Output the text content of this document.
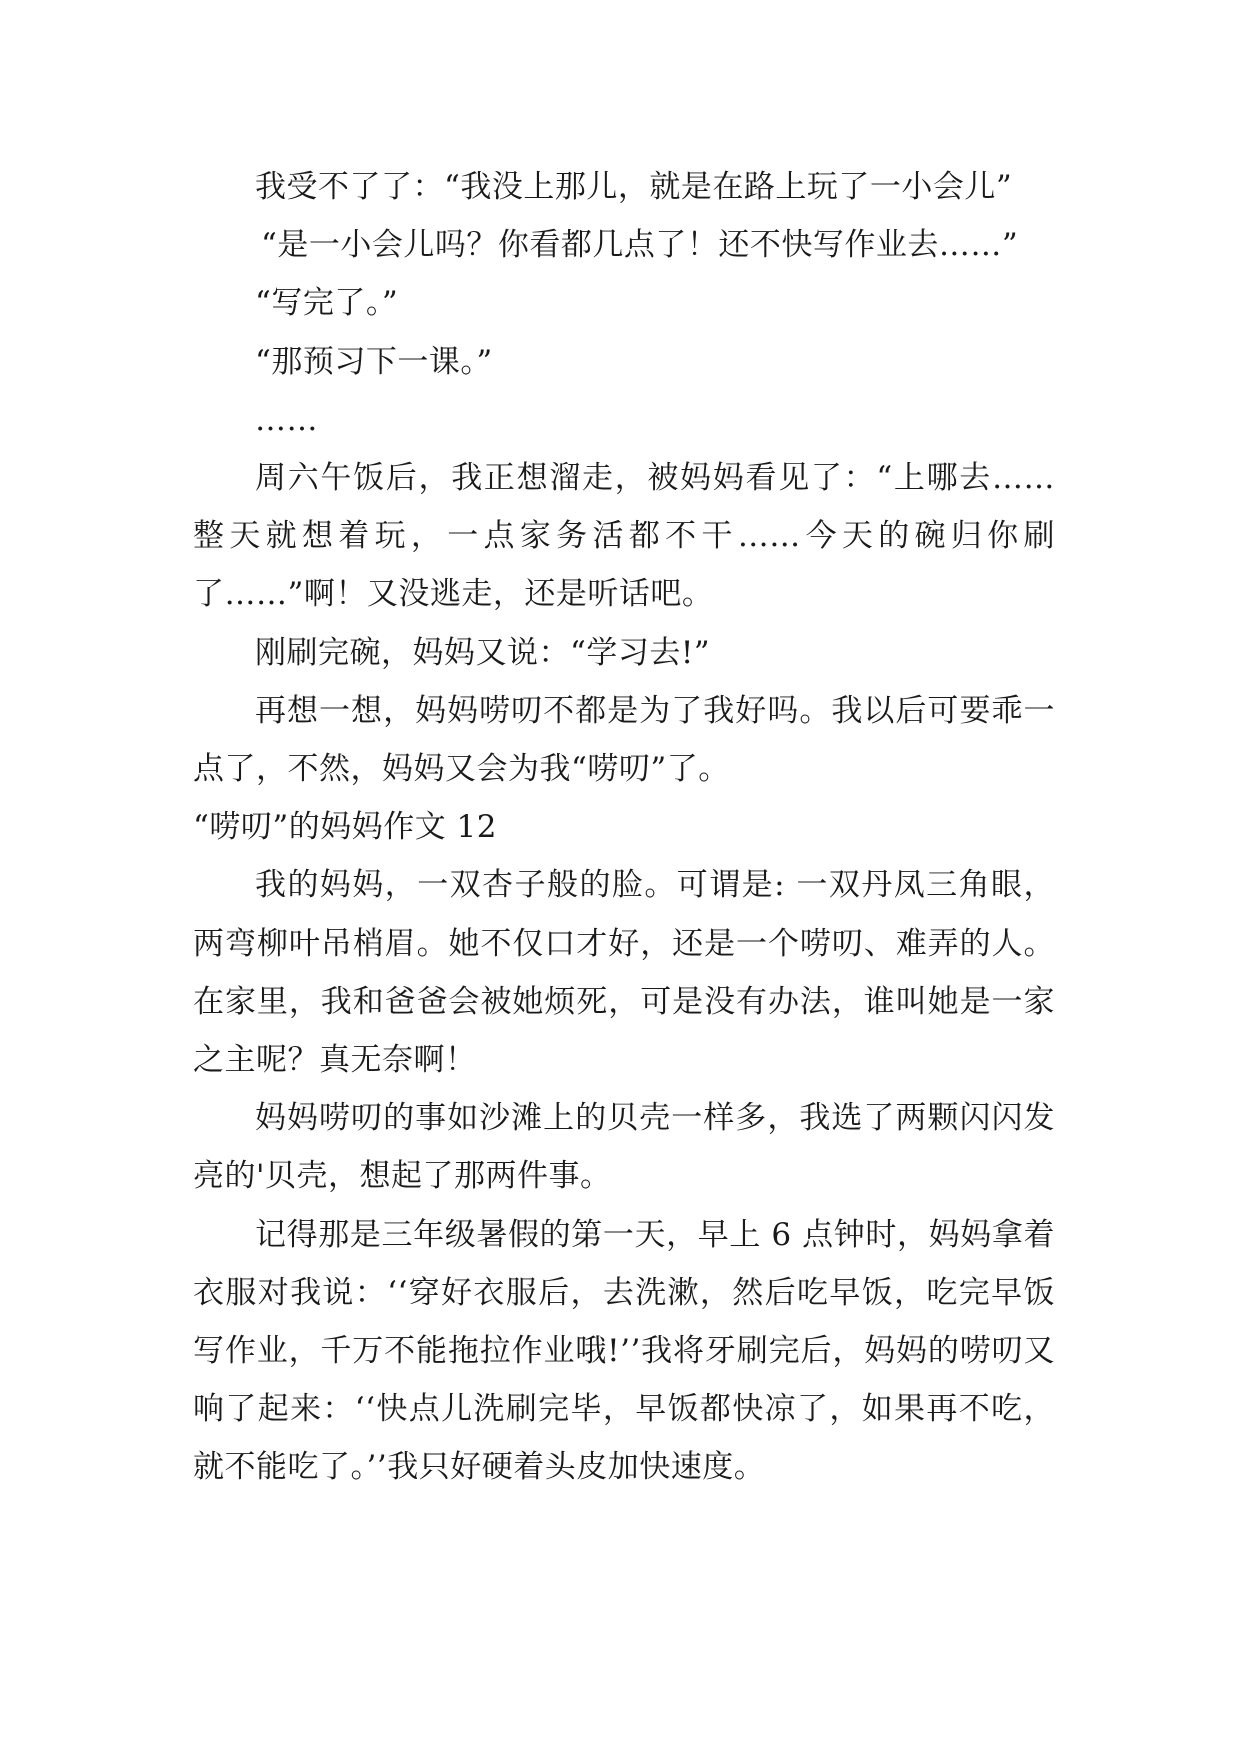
我受不了了：“我没上那儿，就是在路上玩了一小会儿”

“是一小会儿吗？你看都几点了！还不快写作业去……”

“写完了。”

“那预习下一课。”

……

周六午饭后，我正想溜走，被妈妈看见了：“上哪去……整天就想着玩，一点家务活都不干……今天的碗归你刷了……”啊！又没逃走，还是听话吧。

刚刷完碗，妈妈又说：“学习去!”

再想一想，妈妈唠叨不都是为了我好吗。我以后可要乖一点了，不然，妈妈又会为我“唠叨”了。

“唠叨”的妈妈作文 12

我的妈妈，一双杏子般的脸。可谓是: 一双丹凤三角眼，两弯柳叶吊梢眉。她不仅口才好，还是一个唠叨、难弄的人。在家里，我和爸爸会被她烦死，可是没有办法，谁叫她是一家之主呢？真无奈啊！

妈妈唠叨的事如沙滩上的贝壳一样多，我选了两颗闪闪发亮的'贝壳，想起了那两件事。

记得那是三年级暑假的第一天，早上 6 点钟时，妈妈拿着衣服对我说：‘‘穿好衣服后，去洗漱，然后吃早饭，吃完早饭写作业，千万不能拖拉作业哦!’’我将牙刷完后，妈妈的唠叨又响了起来：‘‘快点儿洗刷完毕，早饭都快凉了，如果再不吃，就不能吃了。’’我只好硬着头皮加快速度。
